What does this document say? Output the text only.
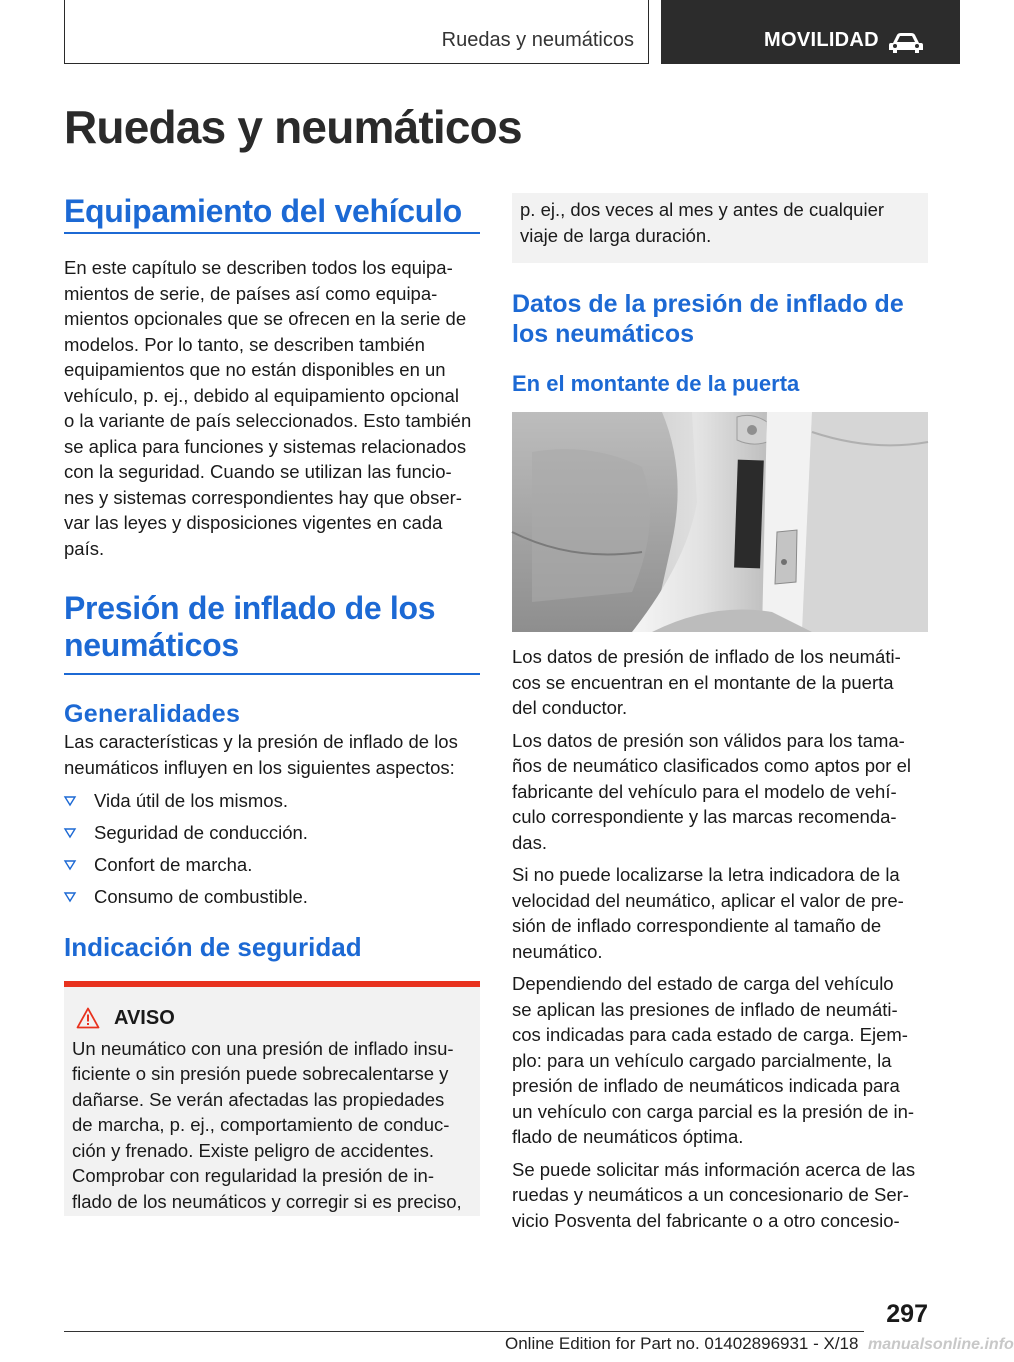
Ruedas y neumáticos	MOVILIDAD
Ruedas y neumáticos
Equipamiento del vehículo

En este capítulo se describen todos los equipa-
mientos de serie, de países así como equipa-
mientos opcionales que se ofrecen en la serie de
modelos. Por lo tanto, se describen también
equipamientos que no están disponibles en un
vehículo, p. ej., debido al equipamiento opcional
o la variante de país seleccionados. Esto también
se aplica para funciones y sistemas relacionados
con la seguridad. Cuando se utilizan las funcio-
nes y sistemas correspondientes hay que obser-
var las leyes y disposiciones vigentes en cada
país.

Presión de inflado de los
neumáticos
Generalidades

Las características y la presión de inflado de los
neumáticos influyen en los siguientes aspectos:

Vida útil de los mismos.
Seguridad de conducción.
Confort de marcha.
Consumo de combustible.
Indicación de seguridad
AVISO

Un neumático con una presión de inflado insu-
ficiente o sin presión puede sobrecalentarse y
dañarse. Se verán afectadas las propiedades
de marcha, p. ej., comportamiento de conduc-
ción y frenado. Existe peligro de accidentes.
Comprobar con regularidad la presión de in-
flado de los neumáticos y corregir si es preciso,

p. ej., dos veces al mes y antes de cualquier
viaje de larga duración.

Datos de la presión de inflado de
los neumáticos
En el montante de la puerta

Los datos de presión de inflado de los neumáti-
cos se encuentran en el montante de la puerta
del conductor.

Los datos de presión son válidos para los tama-
ños de neumático clasificados como aptos por el
fabricante del vehículo para el modelo de vehí-
culo correspondiente y las marcas recomenda-
das.

Si no puede localizarse la letra indicadora de la
velocidad del neumático, aplicar el valor de pre-
sión de inflado correspondiente al tamaño de
neumático.

Dependiendo del estado de carga del vehículo
se aplican las presiones de inflado de neumáti-
cos indicadas para cada estado de carga. Ejem-
plo: para un vehículo cargado parcialmente, la
presión de inflado de neumáticos indicada para
un vehículo con carga parcial es la presión de in-
flado de neumáticos óptima.

Se puede solicitar más información acerca de las
ruedas y neumáticos a un concesionario de Ser-
vicio Posventa del fabricante o a otro concesio-

297
Online Edition for Part no. 01402896931 - X/18 manualsonline.info
